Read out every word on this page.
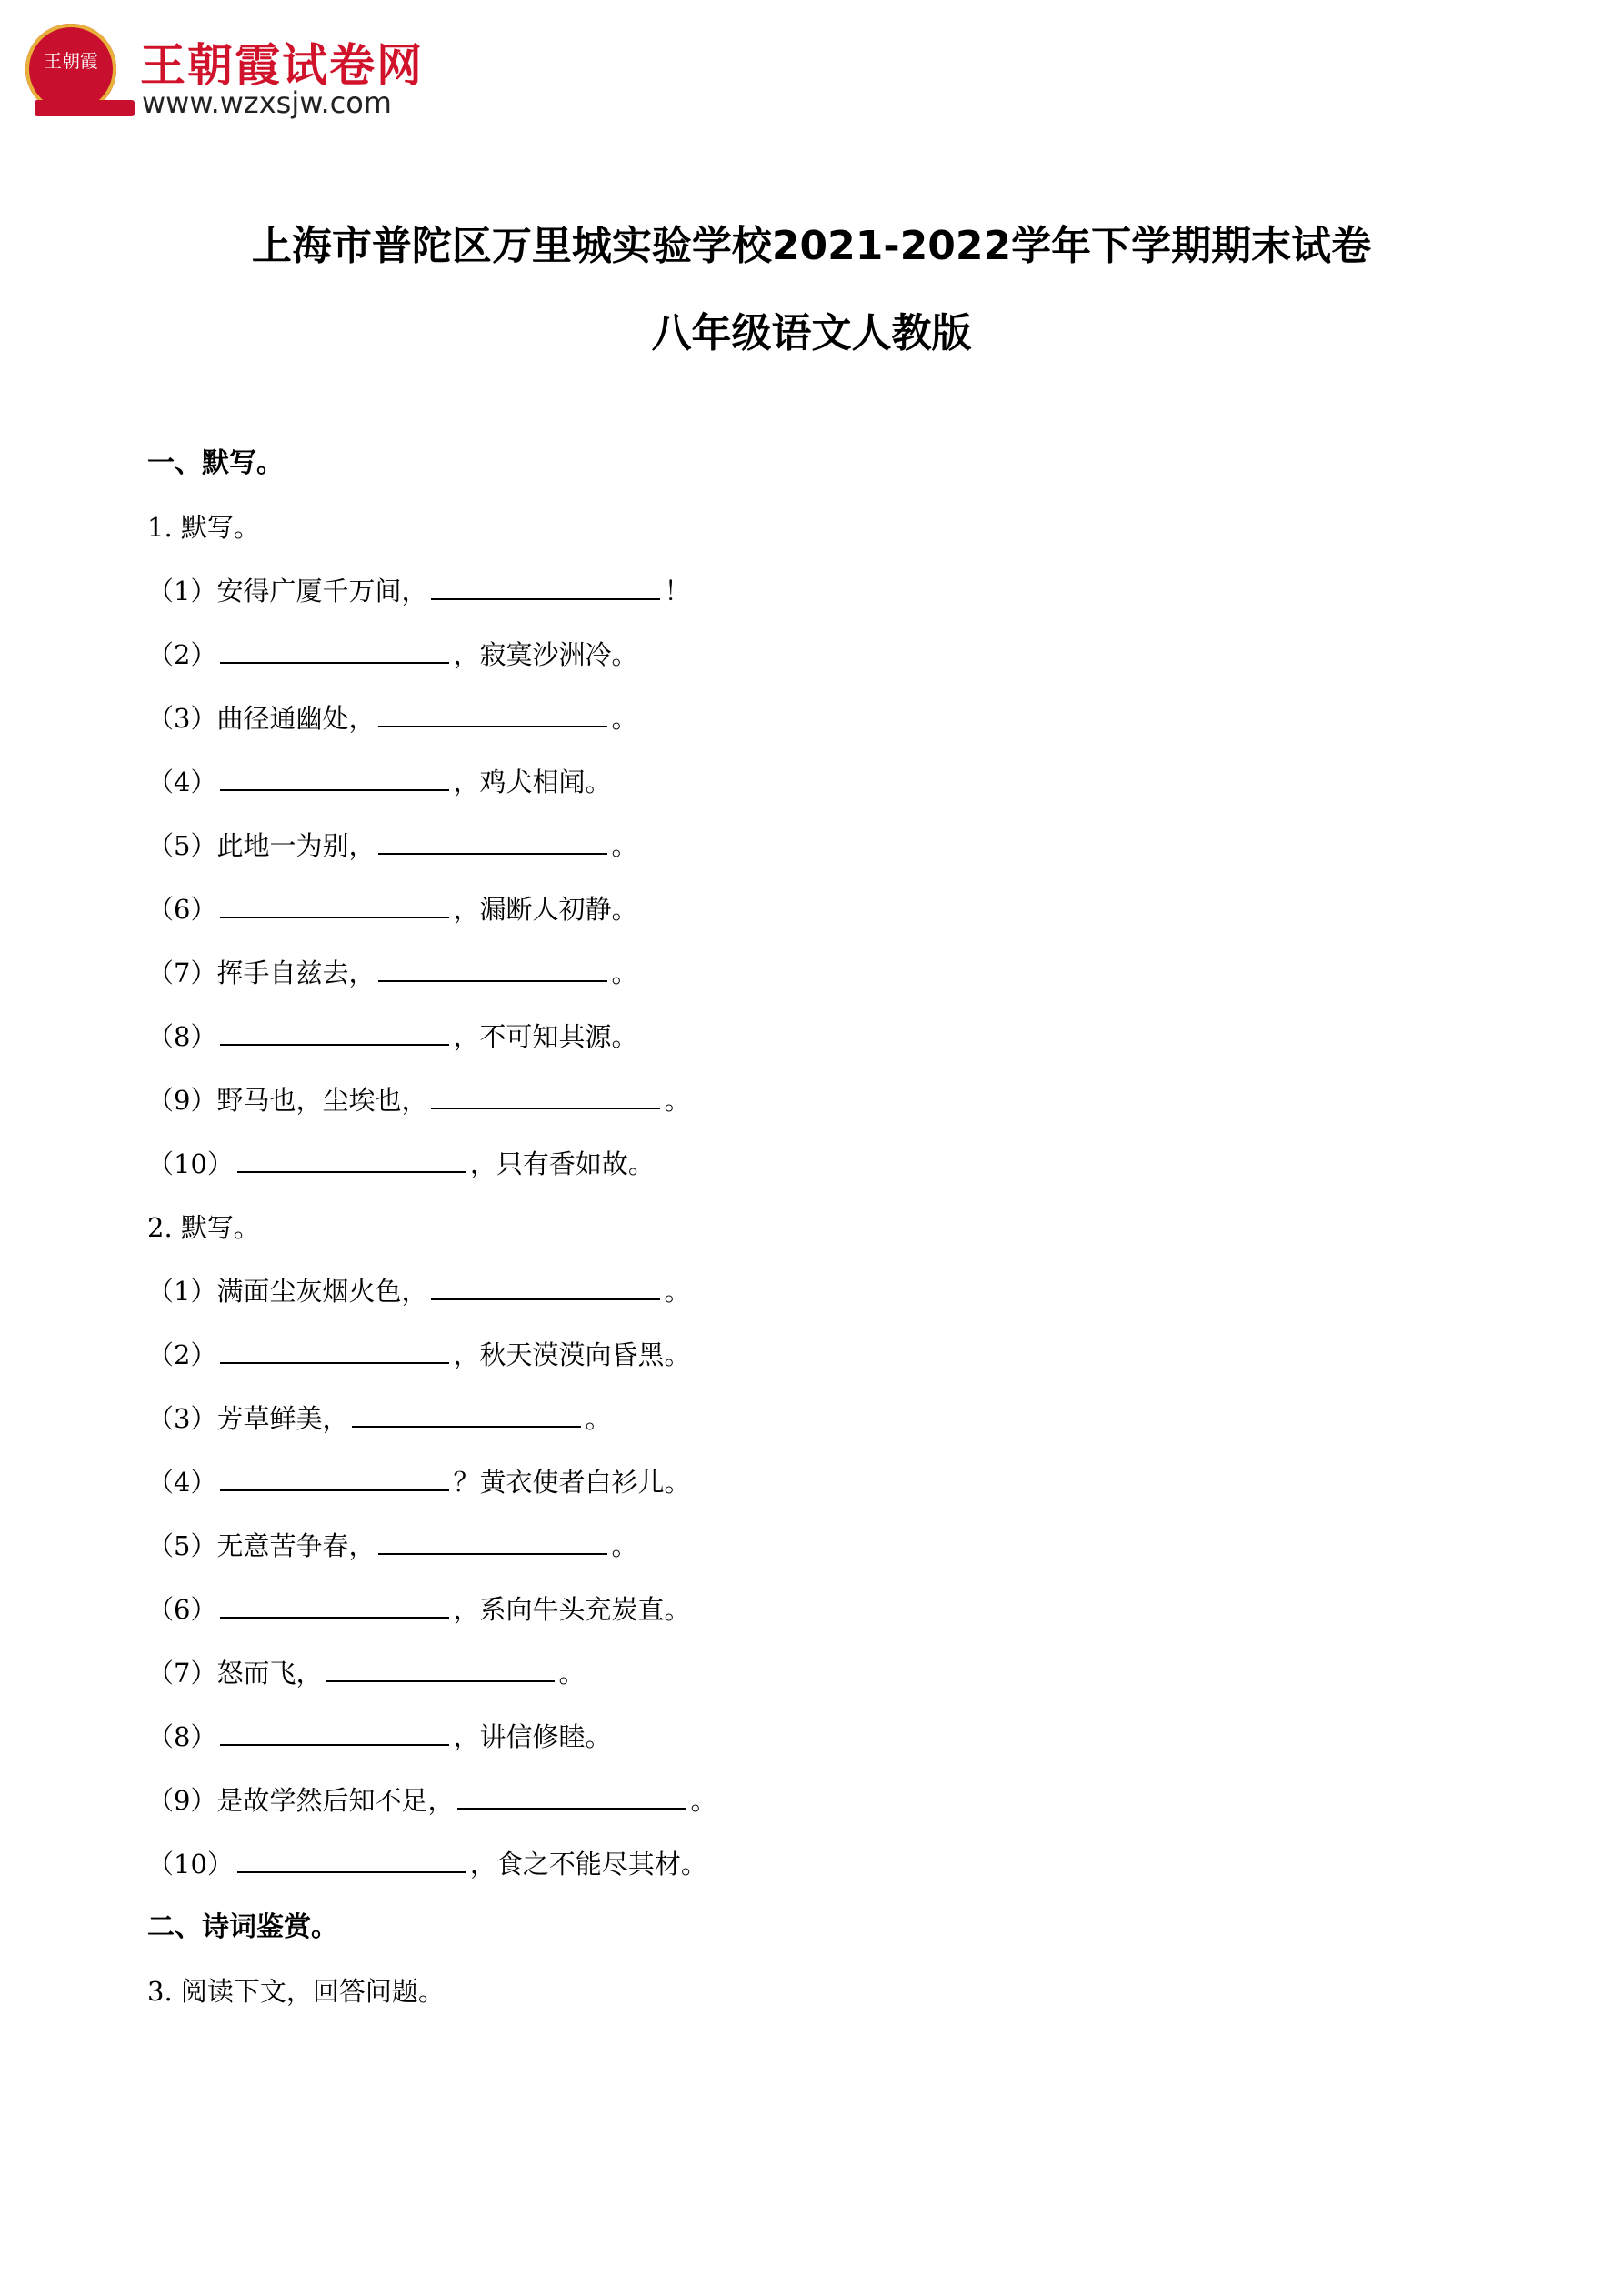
王朝霞 王朝霞试卷网
www.wzxsjw.com
上海市普陀区万里城实验学校2021-2022学年下学期期末试卷
八年级语文人教版
一、默写。
1. 默写。
（1）安得广厦千万间，	！
（2）	，寂寞沙洲冷。
（3）曲径通幽处，	。
（4）	，鸡犬相闻。
（5）此地一为别，	。
（6）	，漏断人初静。
（7）挥手自兹去，	。
（8）	，不可知其源。
（9）野马也，尘埃也，	。
（10）	，只有香如故。
2. 默写。
（1）满面尘灰烟火色，	。
（2）	，秋天漠漠向昏黑。
（3）芳草鲜美，	。
（4）	？黄衣使者白衫儿。
（5）无意苦争春，	。
（6）	，系向牛头充炭直。
（7）怒而飞，	。
（8）	，讲信修睦。
（9）是故学然后知不足，	。
（10）	，食之不能尽其材。
二、诗词鉴赏。
3. 阅读下文，回答问题。
